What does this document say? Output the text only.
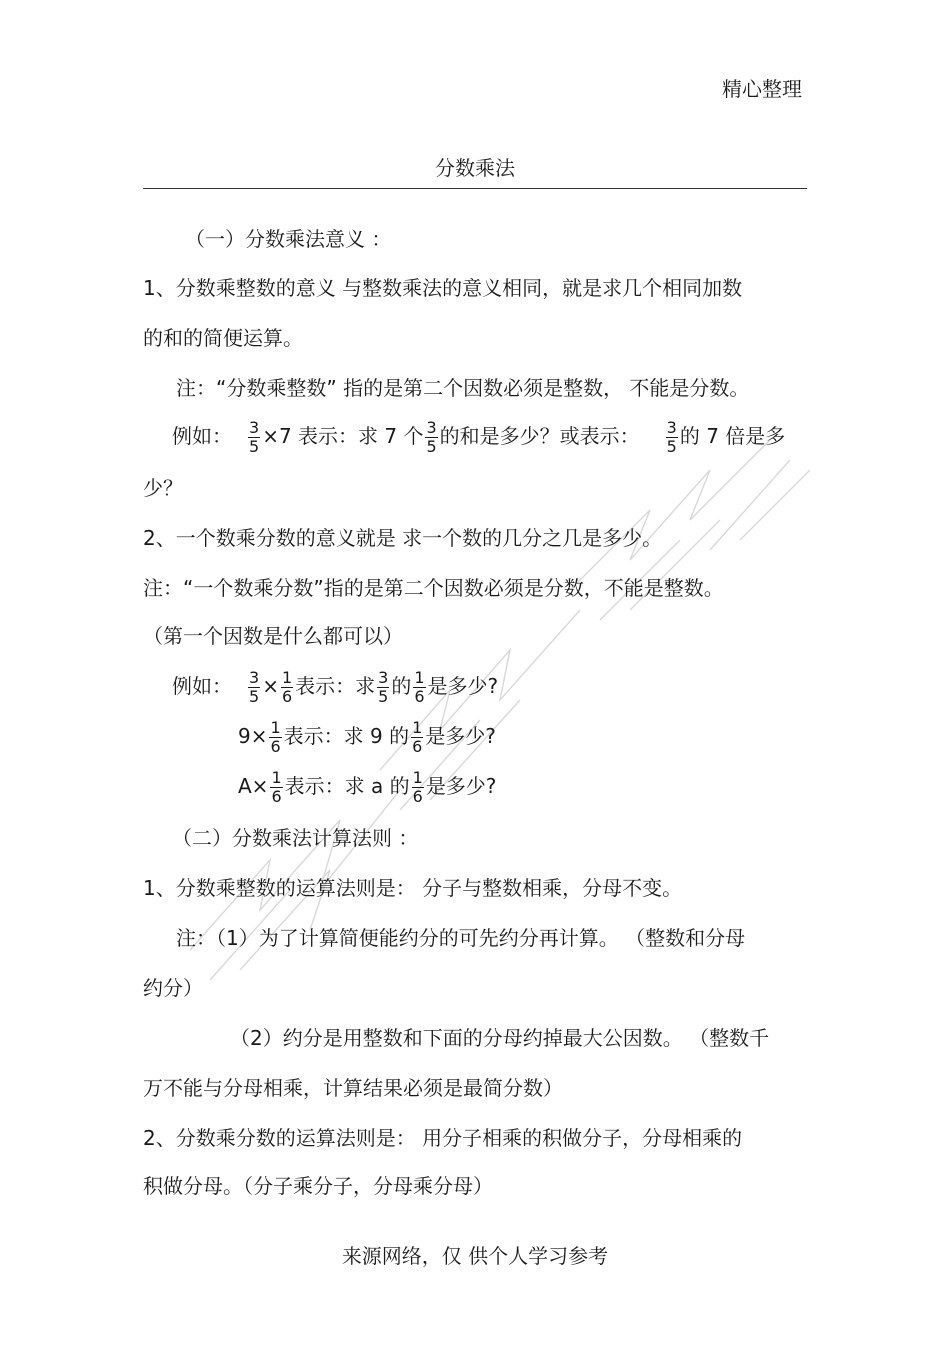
精心整理
分数乘法
（一）分数乘法意义 ：
1、分数乘整数的意义 与整数乘法的意义相同，就是求几个相同加数
的和的简便运算。
注：“分数乘整数” 指的是第二个因数必须是整数， 不能是分数。
例如： $\frac{3}{5} \times 7$ 表示：求 7 个 $\frac{3}{5}$ 的和是多少？或表示： $\frac{3}{5}$ 的 7 倍是多
少？
2、一个数乘分数的意义就是 求一个数的几分之几是多少。
注：“一个数乘分数”指的是第二个因数必须是分数，不能是整数。
（第一个因数是什么都可以）
例如： $\frac{3}{5} \times \frac{1}{6}$ 表示：求 $\frac{3}{5}$ 的 $\frac{1}{6}$ 是多少?
$9\times \frac{1}{6}$ 表示：求 9 的 $\frac{1}{6}$ 是多少?
$A\times \frac{1}{6}$ 表示：求 a 的 $\frac{1}{6}$ 是多少?
（二）分数乘法计算法则 ：
1、分数乘整数的运算法则是： 分子与整数相乘，分母不变。
注：（1）为了计算简便能约分的可先约分再计算。 （整数和分母
约分）
（2）约分是用整数和下面的分母约掉最大公因数。 （整数千
万不能与分母相乘，计算结果必须是最简分数）
2、分数乘分数的运算法则是： 用分子相乘的积做分子，分母相乘的
积做分母。（分子乘分子，分母乘分母）
来源网络，仅 供个人学习参考
